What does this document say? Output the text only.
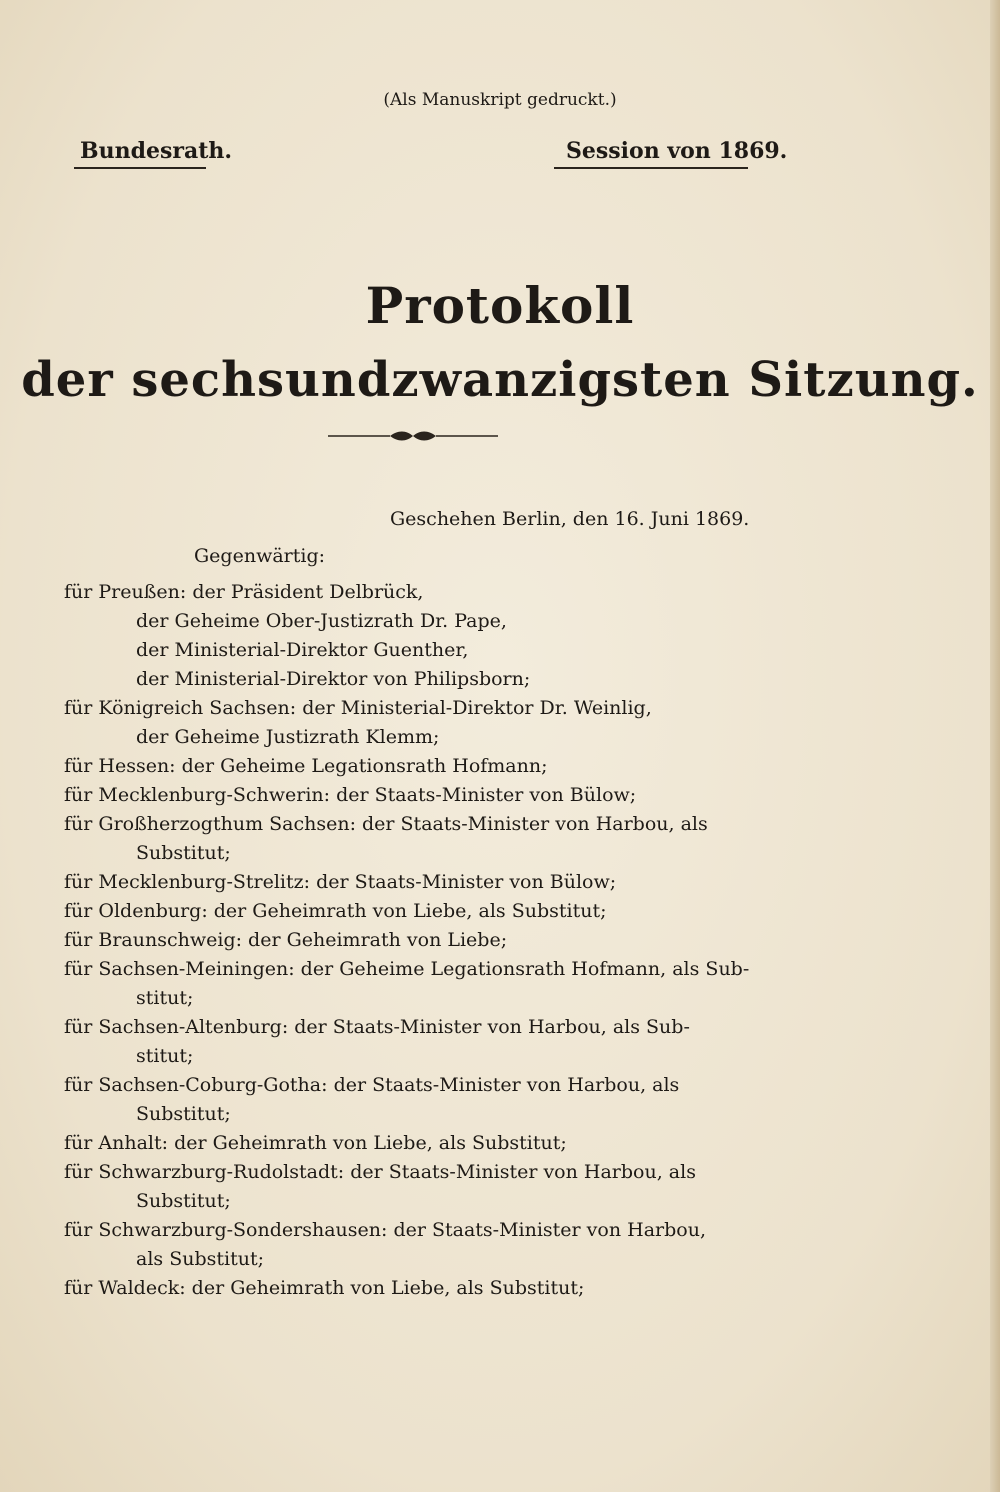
(Als Manuskript gedruckt.)
Bundesrath.	Session von 1869.
Protokoll
der sechsundzwanzigsten Sitzung.
Geschehen Berlin, den 16. Juni 1869.
Gegenwärtig:
für Preußen: der Präsident Delbrück,
der Geheime Ober-Justizrath Dr. Pape,
der Ministerial-Direktor Guenther,
der Ministerial-Direktor von Philipsborn;
für Königreich Sachsen: der Ministerial-Direktor Dr. Weinlig,
der Geheime Justizrath Klemm;
für Hessen: der Geheime Legationsrath Hofmann;
für Mecklenburg-Schwerin: der Staats-Minister von Bülow;
für Großherzogthum Sachsen: der Staats-Minister von Harbou, als
Substitut;
für Mecklenburg-Strelitz: der Staats-Minister von Bülow;
für Oldenburg: der Geheimrath von Liebe, als Substitut;
für Braunschweig: der Geheimrath von Liebe;
für Sachsen-Meiningen: der Geheime Legationsrath Hofmann, als Sub-
stitut;
für Sachsen-Altenburg: der Staats-Minister von Harbou, als Sub-
stitut;
für Sachsen-Coburg-Gotha: der Staats-Minister von Harbou, als
Substitut;
für Anhalt: der Geheimrath von Liebe, als Substitut;
für Schwarzburg-Rudolstadt: der Staats-Minister von Harbou, als
Substitut;
für Schwarzburg-Sondershausen: der Staats-Minister von Harbou,
als Substitut;
für Waldeck: der Geheimrath von Liebe, als Substitut;
